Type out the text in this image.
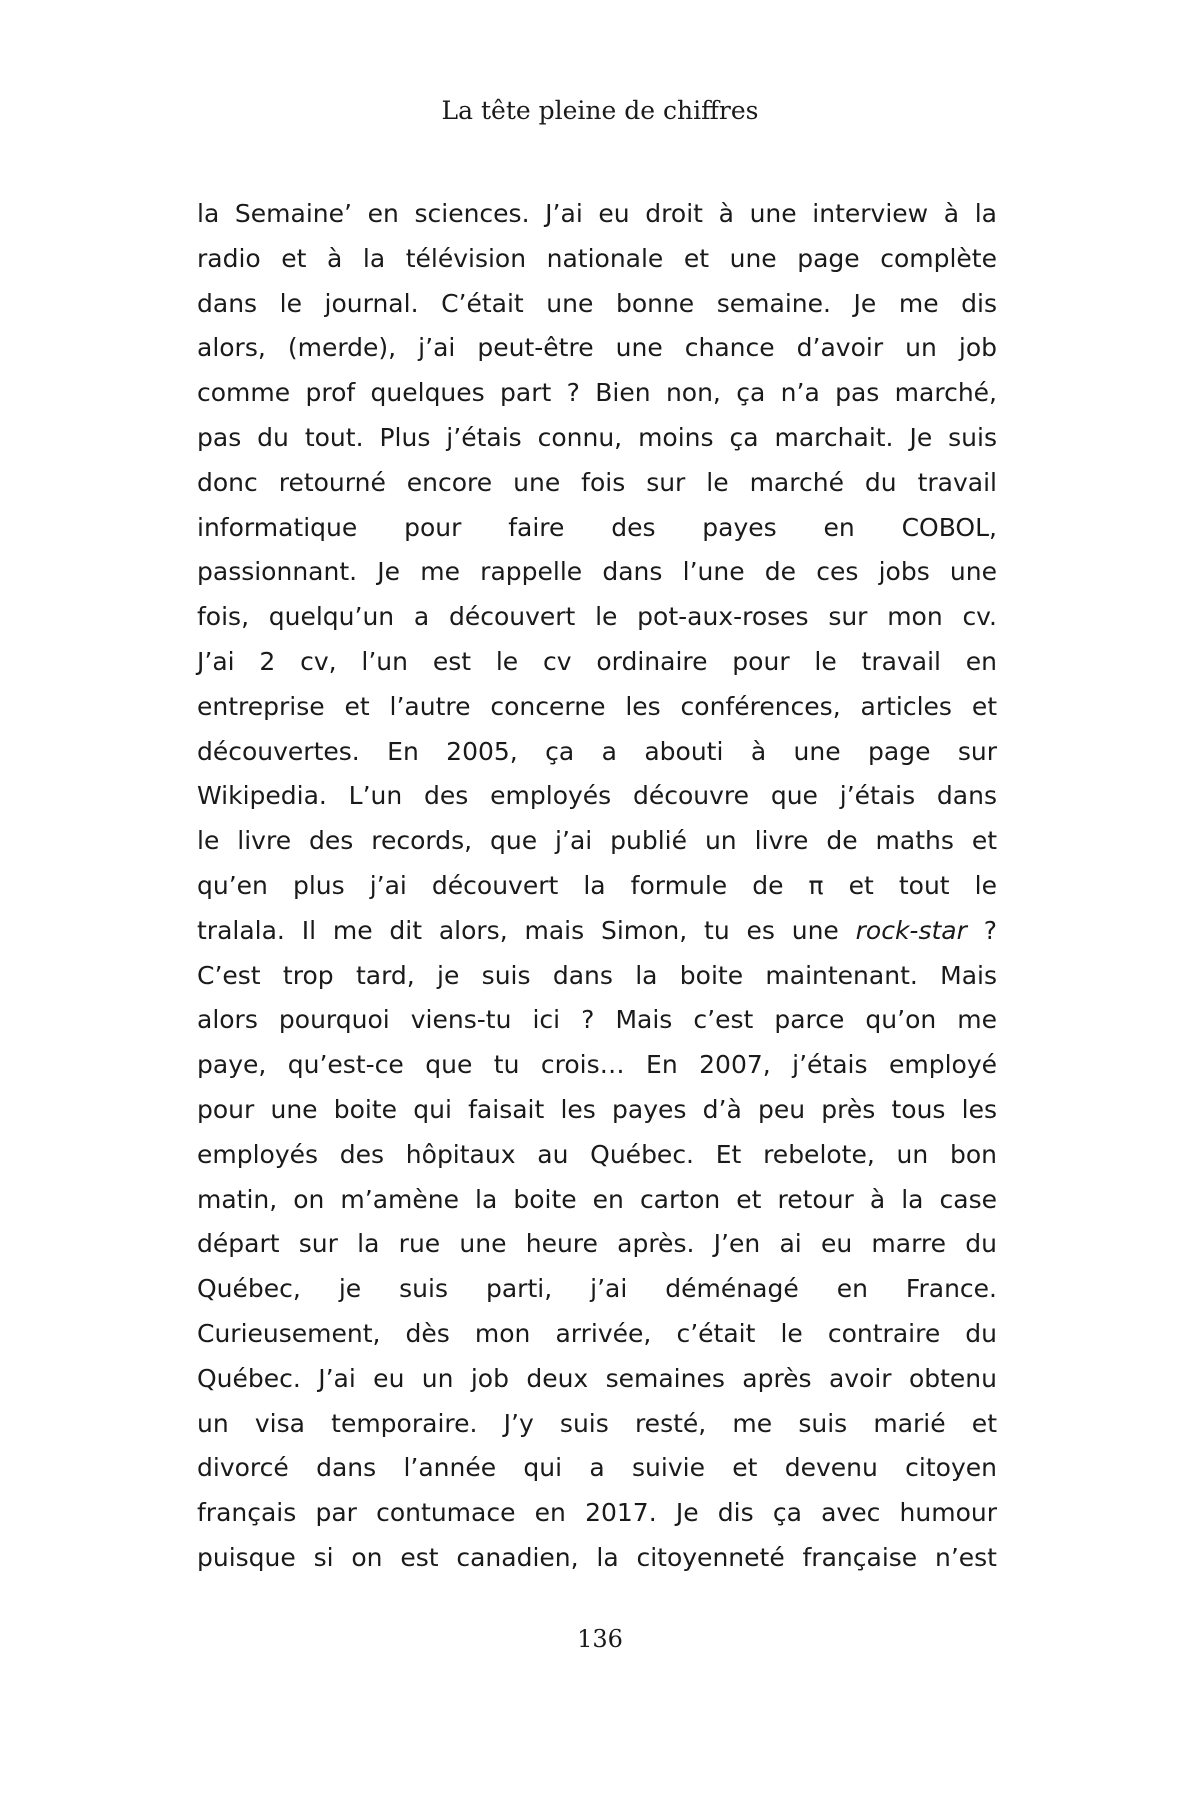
La tête pleine de chiffres
la Semaine’ en sciences. J’ai eu droit à une interview à la
radio et à la télévision nationale et une page complète
dans le journal. C’était une bonne semaine. Je me dis
alors, (merde), j’ai peut-être une chance d’avoir un job
comme prof quelques part ? Bien non, ça n’a pas marché,
pas du tout. Plus j’étais connu, moins ça marchait. Je suis
donc retourné encore une fois sur le marché du travail
informatique pour faire des payes en COBOL,
passionnant. Je me rappelle dans l’une de ces jobs une
fois, quelqu’un a découvert le pot-aux-roses sur mon cv.
J’ai 2 cv, l’un est le cv ordinaire pour le travail en
entreprise et l’autre concerne les conférences, articles et
découvertes. En 2005, ça a abouti à une page sur
Wikipedia. L’un des employés découvre que j’étais dans
le livre des records, que j’ai publié un livre de maths et
qu’en plus j’ai découvert la formule de π et tout le
tralala. Il me dit alors, mais Simon, tu es une rock-star ?
C’est trop tard, je suis dans la boite maintenant. Mais
alors pourquoi viens-tu ici ? Mais c’est parce qu’on me
paye, qu’est-ce que tu crois… En 2007, j’étais employé
pour une boite qui faisait les payes d’à peu près tous les
employés des hôpitaux au Québec. Et rebelote, un bon
matin, on m’amène la boite en carton et retour à la case
départ sur la rue une heure après. J’en ai eu marre du
Québec, je suis parti, j’ai déménagé en France.
Curieusement, dès mon arrivée, c’était le contraire du
Québec. J’ai eu un job deux semaines après avoir obtenu
un visa temporaire. J’y suis resté, me suis marié et
divorcé dans l’année qui a suivie et devenu citoyen
français par contumace en 2017. Je dis ça avec humour
puisque si on est canadien, la citoyenneté française n’est
136
